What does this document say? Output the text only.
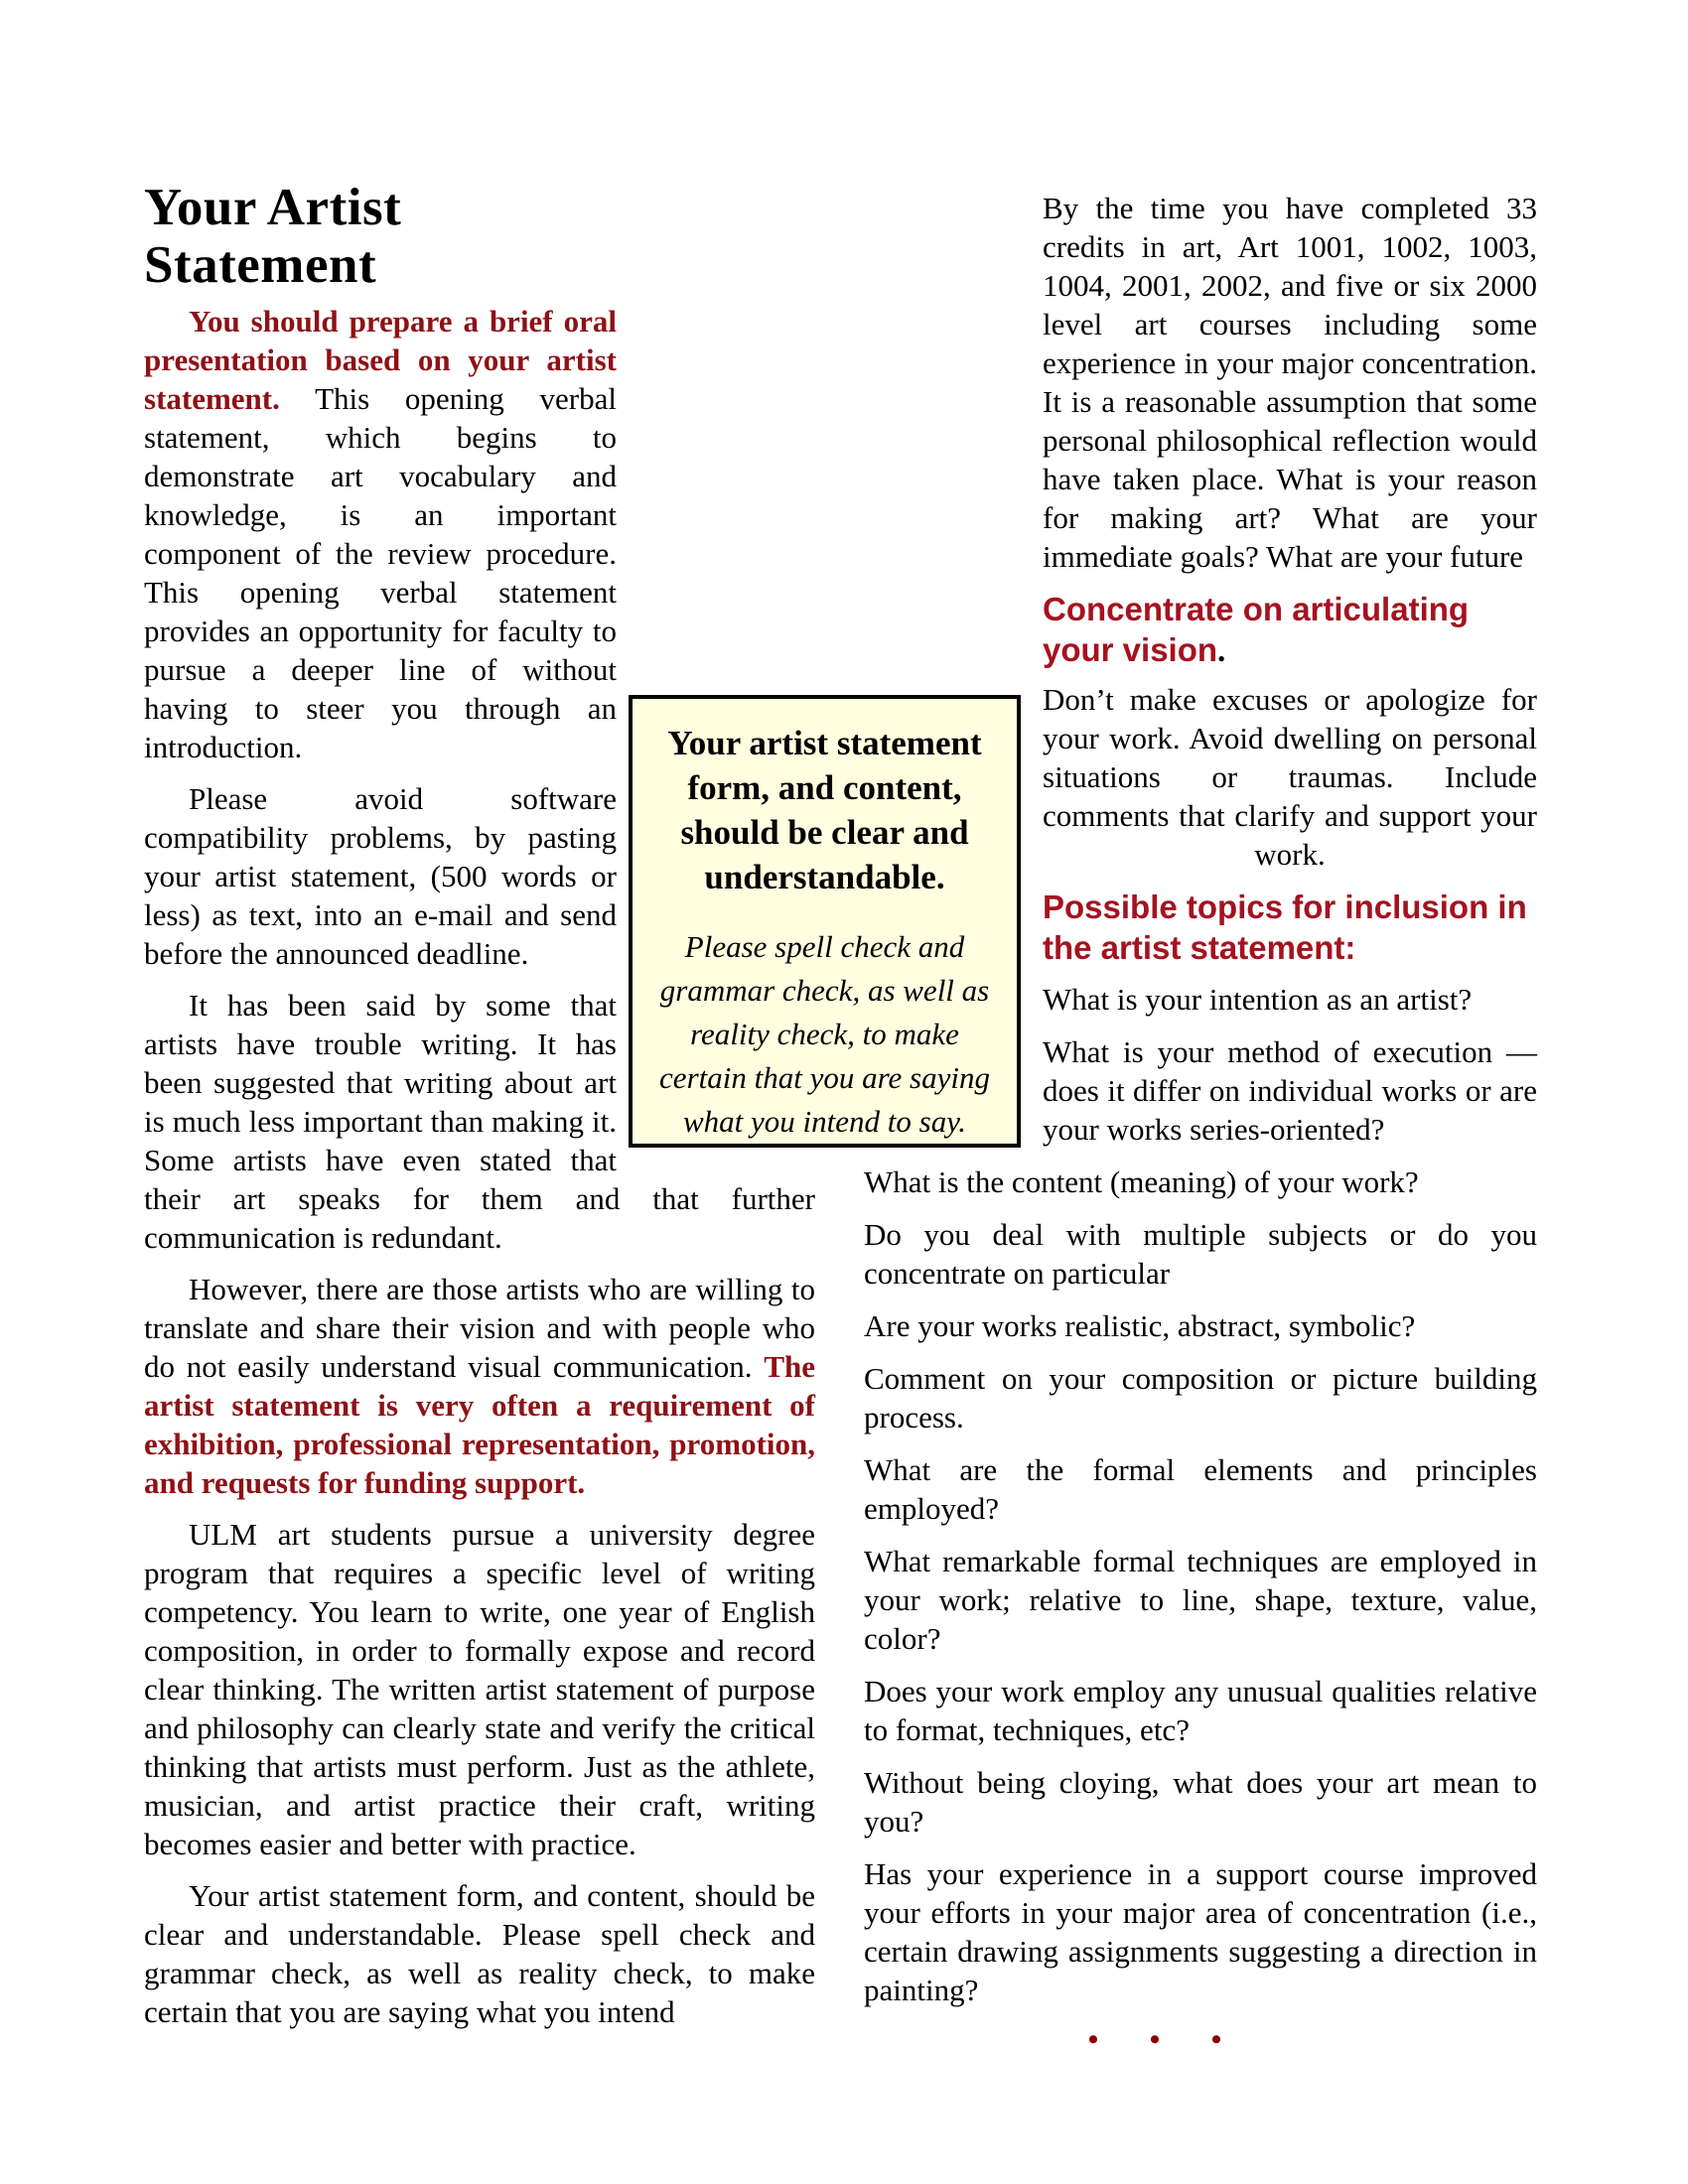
Your Artist Statement

You should prepare a brief oral presentation based on your artist statement. This opening verbal statement, which begins to demonstrate art vocabulary and knowledge, is an important component of the review procedure. This opening verbal statement provides an opportunity for faculty to pursue a deeper line of without having to steer you through an introduction.

Please avoid software compatibility problems, by pasting your artist statement, (500 words or less) as text, into an e-mail and send before the announced deadline.

It has been said by some that artists have trouble writing. It has been suggested that writing about art is much less important than making it. Some artists have even stated that their art speaks for them and that further communication is redundant.

However, there are those artists who are willing to translate and share their vision and with people who do not easily understand visual communication. The artist statement is very often a requirement of exhibition, professional representation, promotion, and requests for funding support.

ULM art students pursue a university degree program that requires a specific level of writing competency. You learn to write, one year of English composition, in order to formally expose and record clear thinking. The written artist statement of purpose and philosophy can clearly state and verify the critical thinking that artists must perform. Just as the athlete, musician, and artist practice their craft, writing becomes easier and better with practice.

Your artist statement form, and content, should be clear and understandable. Please spell check and grammar check, as well as reality check, to make certain that you are saying what you intend

By the time you have completed 33 credits in art, Art 1001, 1002, 1003, 1004, 2001, 2002, and five or six 2000 level art courses including some experience in your major concentration. It is a reasonable assumption that some personal philosophical reflection would have taken place. What is your reason for making art? What are your immediate goals? What are your future

Concentrate on articulating your vision.

Don’t make excuses or apologize for your work. Avoid dwelling on personal situations or traumas. Include comments that clarify and support your work.

Possible topics for inclusion in the artist statement:

What is your intention as an artist?

What is your method of execution — does it differ on individual works or are your works series-oriented?

What is the content (meaning) of your work?

Do you deal with multiple subjects or do you concentrate on particular

Are your works realistic, abstract, symbolic?

Comment on your composition or picture building process.

What are the formal elements and principles employed?

What remarkable formal techniques are employed in your work; relative to line, shape, texture, value, color?

Does your work employ any unusual qualities relative to format, techniques, etc?

Without being cloying, what does your art mean to you?

Has your experience in a support course improved your efforts in your major area of concentration (i.e., certain drawing assignments suggesting a direction in painting?

• • •
Your artist statement form, and content, should be clear and understandable.
Please spell check and grammar check, as well as reality check, to make certain that you are saying what you intend to say.
